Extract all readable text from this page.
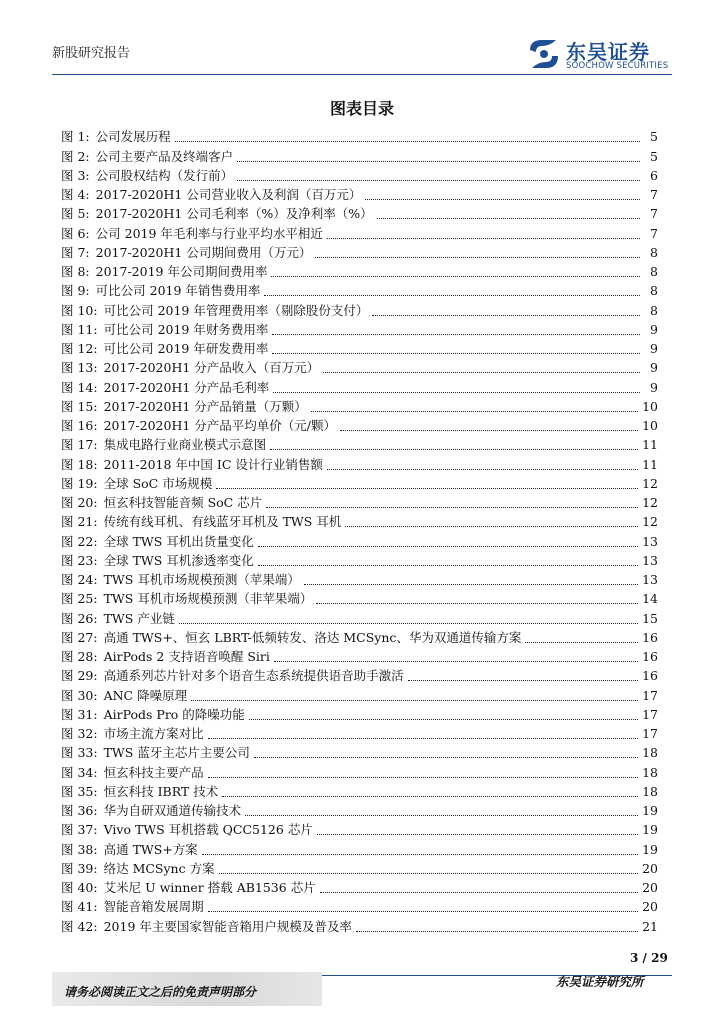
新股研究报告	东吴证券
SOOCHOW SECURITIES
图表目录
图 1: 公司发展历程	5
图 2: 公司主要产品及终端客户	5
图 3: 公司股权结构（发行前）	6
图 4: 2017-2020H1 公司营业收入及利润（百万元）	7
图 5: 2017-2020H1 公司毛利率（%）及净利率（%）	7
图 6: 公司 2019 年毛利率与行业平均水平相近	7
图 7: 2017-2020H1 公司期间费用（万元）	8
图 8: 2017-2019 年公司期间费用率	8
图 9: 可比公司 2019 年销售费用率	8
图 10: 可比公司 2019 年管理费用率（剔除股份支付）	8
图 11: 可比公司 2019 年财务费用率	9
图 12: 可比公司 2019 年研发费用率	9
图 13: 2017-2020H1 分产品收入（百万元）	9
图 14: 2017-2020H1 分产品毛利率	9
图 15: 2017-2020H1 分产品销量（万颗）	10
图 16: 2017-2020H1 分产品平均单价（元/颗）	10
图 17: 集成电路行业商业模式示意图	11
图 18: 2011-2018 年中国 IC 设计行业销售额	11
图 19: 全球 SoC 市场规模	12
图 20: 恒玄科技智能音频 SoC 芯片	12
图 21: 传统有线耳机、有线蓝牙耳机及 TWS 耳机	12
图 22: 全球 TWS 耳机出货量变化	13
图 23: 全球 TWS 耳机渗透率变化	13
图 24: TWS 耳机市场规模预测（苹果端）	13
图 25: TWS 耳机市场规模预测（非苹果端）	14
图 26: TWS 产业链	15
图 27: 高通 TWS+、恒玄 LBRT-低频转发、洛达 MCSync、华为双通道传输方案	16
图 28: AirPods 2 支持语音唤醒 Siri	16
图 29: 高通系列芯片针对多个语音生态系统提供语音助手激活	16
图 30: ANC 降噪原理	17
图 31: AirPods Pro 的降噪功能	17
图 32: 市场主流方案对比	17
图 33: TWS 蓝牙主芯片主要公司	18
图 34: 恒玄科技主要产品	18
图 35: 恒玄科技 IBRT 技术	18
图 36: 华为自研双通道传输技术	19
图 37: Vivo TWS 耳机搭载 QCC5126 芯片	19
图 38: 高通 TWS+方案	19
图 39: 络达 MCSync 方案	20
图 40: 艾米尼 U winner 搭载 AB1536 芯片	20
图 41: 智能音箱发展周期	20
图 42: 2019 年主要国家智能音箱用户规模及普及率	21
3 / 29
请务必阅读正文之后的免责声明部分
东吴证券研究所
